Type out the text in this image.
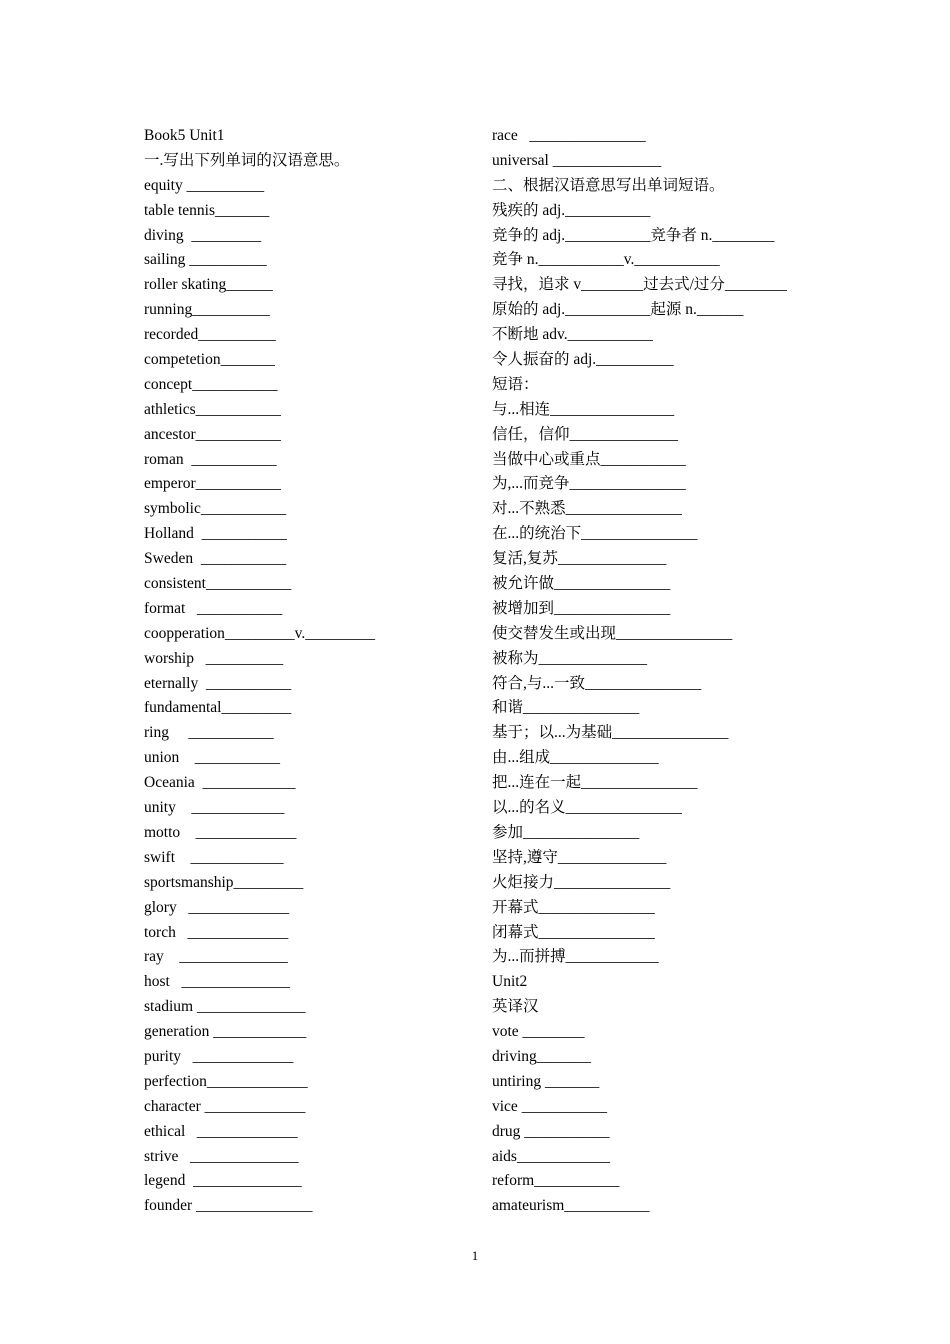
Book5 Unit1
一.写出下列单词的汉语意思。
equity __________
table tennis_______
diving  _________
sailing __________
roller skating______
running__________
recorded__________
competetion_______
concept___________
athletics___________
ancestor___________
roman  ___________
emperor___________
symbolic___________
Holland  ___________
Sweden  ___________
consistent___________
format   ___________
coopperation_________v._________
worship   __________
eternally  ___________
fundamental_________
ring     ___________
union    ___________
Oceania  ____________
unity    ____________
motto    _____________
swift    ____________
sportsmanship_________
glory   _____________
torch   _____________
ray    ______________
host   ______________
stadium ______________
generation ____________
purity   _____________
perfection_____________
character _____________
ethical   _____________
strive   ______________
legend  ______________
founder _______________
race   _______________
universal ______________
二、根据汉语意思写出单词短语。
残疾的 adj.___________
竞争的 adj.___________竞争者 n.________
竞争 n.___________v.___________
寻找，追求 v________过去式/过分________
原始的 adj.___________起源 n.______
不断地 adv.___________
令人振奋的 adj.__________
短语：
与...相连________________
信任，信仰______________
当做中心或重点___________
为,...而竞争_______________
对...不熟悉_______________
在...的统治下_______________
复活,复苏______________
被允许做_______________
被增加到_______________
使交替发生或出现_______________
被称为______________
符合,与...一致_______________
和谐_______________
基于；以...为基础_______________
由...组成______________
把...连在一起_______________
以...的名义_______________
参加_______________
坚持,遵守______________
火炬接力_______________
开幕式_______________
闭幕式_______________
为...而拼搏____________
Unit2
英译汉
vote ________
driving_______
untiring _______
vice ___________
drug ___________
aids____________
reform___________
amateurism___________
1
